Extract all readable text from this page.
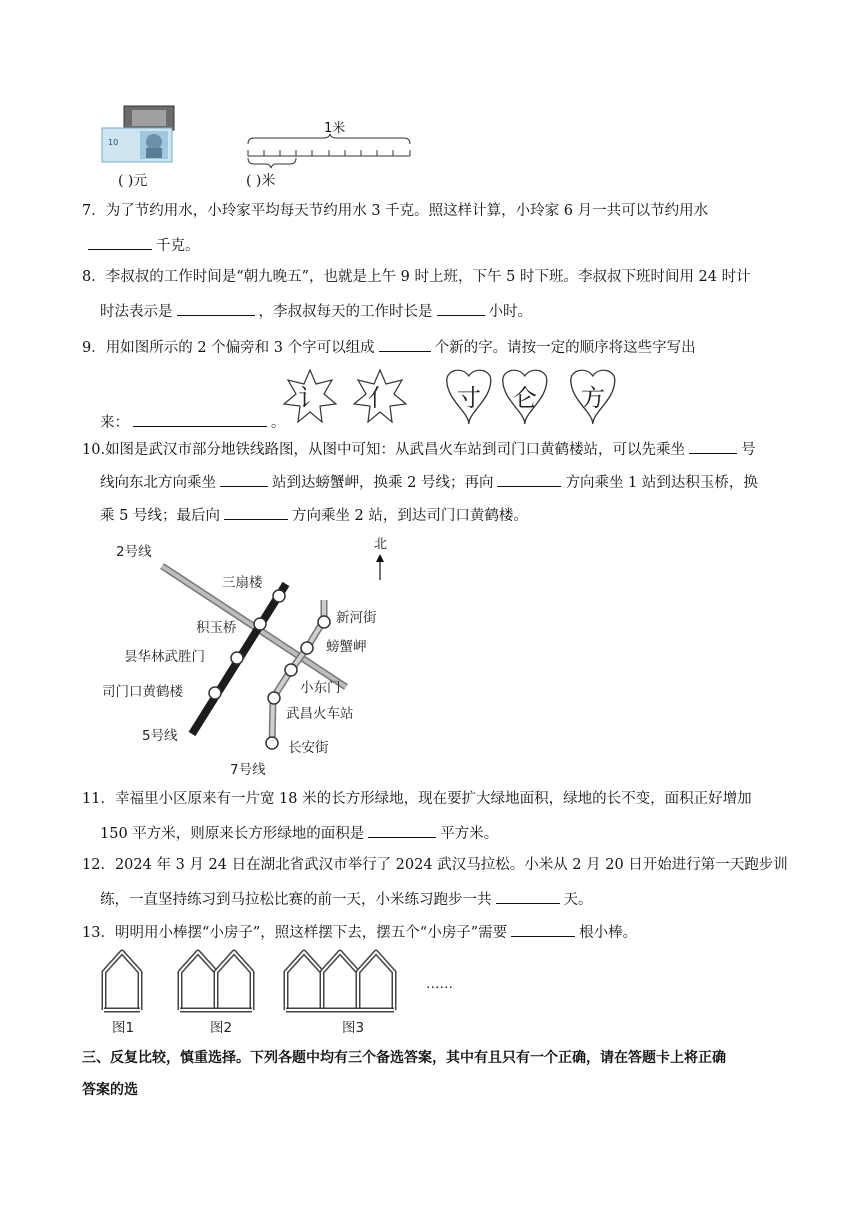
10
( )元
1米
( )米
7．为了节约用水，小玲家平均每天节约用水 3 千克。照这样计算，小玲家 6 月一共可以节约用水
千克。
8．李叔叔的工作时间是“朝九晚五”，也就是上午 9 时上班，下午 5 时下班。李叔叔下班时间用 24 时计
时法表示是	，李叔叔每天的工作时长是	小时。
9．用如图所示的 2 个偏旁和 3 个字可以组成	个新的字。请按一定的顺序将这些字写出
讠 亻	寸 仑 方
来：	。
10.如图是武汉市部分地铁线路图，从图中可知：从武昌火车站到司门口黄鹤楼站，可以先乘坐	号
线向东北方向乘坐	站到达螃蟹岬，换乘 2 号线；再向	方向乘坐 1 站到达积玉桥，换
乘 5 号线；最后向	方向乘坐 2 站，到达司门口黄鹤楼。
北
2号线
三扇楼
新河街
积玉桥
螃蟹岬
昙华林武胜门
小东门
司门口黄鹤楼
武昌火车站
5号线
长安街
7号线
11．幸福里小区原来有一片宽 18 米的长方形绿地，现在要扩大绿地面积，绿地的长不变，面积正好增加
150 平方米，则原来长方形绿地的面积是	平方米。
12．2024 年 3 月 24 日在湖北省武汉市举行了 2024 武汉马拉松。小米从 2 月 20 日开始进行第一天跑步训
练，一直坚持练习到马拉松比赛的前一天，小米练习跑步一共	天。
13．明明用小棒摆“小房子”，照这样摆下去，摆五个“小房子”需要	根小棒。
……
图1	图2	图3
三、反复比较，慎重选择。下列各题中均有三个备选答案，其中有且只有一个正确，请在答题卡上将正确
答案的选
